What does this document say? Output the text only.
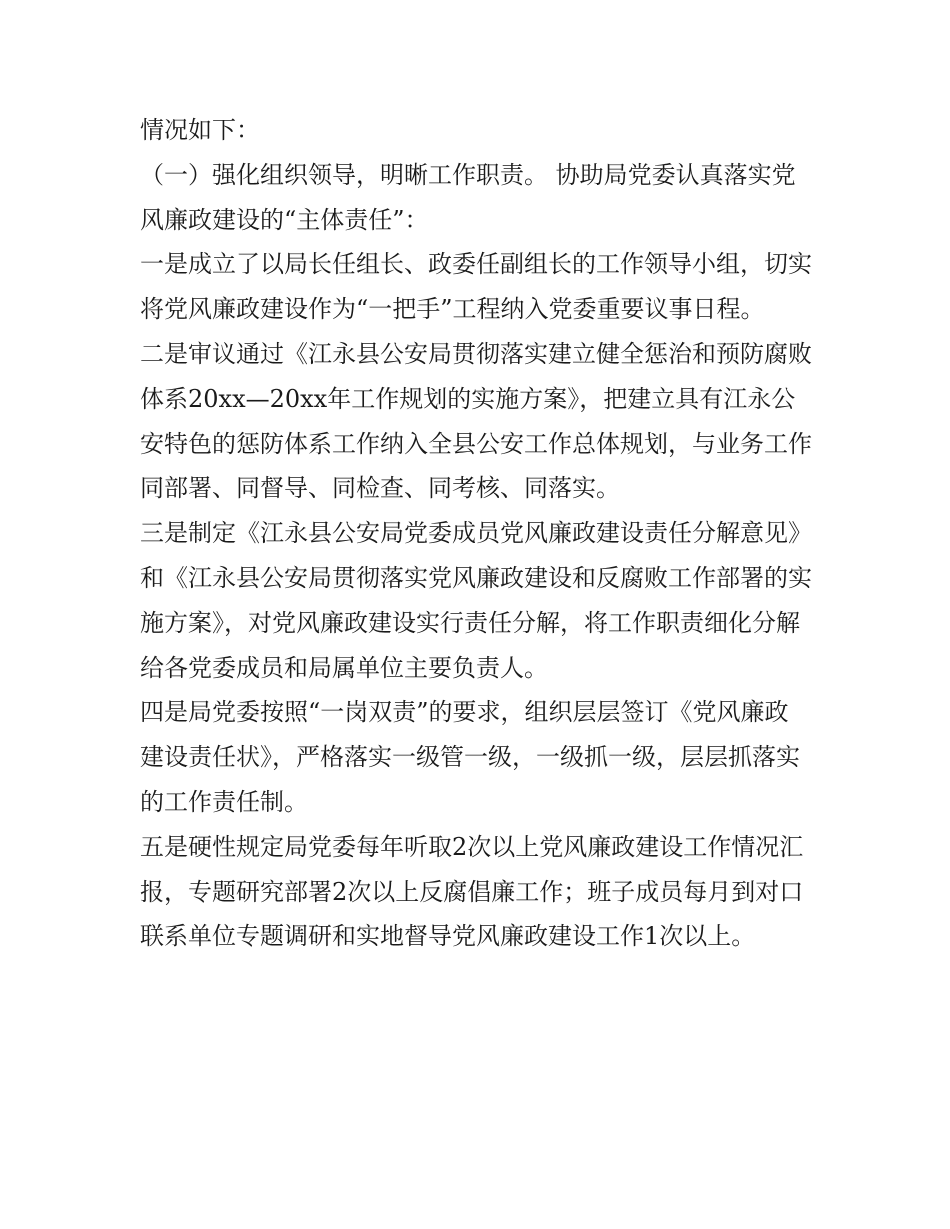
情况如下：

（一）强化组织领导，明晰工作职责。 协助局党委认真落实党风廉政建设的“主体责任”：

一是成立了以局长任组长、政委任副组长的工作领导小组，切实将党风廉政建设作为“一把手”工程纳入党委重要议事日程。

二是审议通过《江永县公安局贯彻落实建立健全惩治和预防腐败体系20xx—20xx年工作规划的实施方案》，把建立具有江永公安特色的惩防体系工作纳入全县公安工作总体规划，与业务工作同部署、同督导、同检查、同考核、同落实。

三是制定《江永县公安局党委成员党风廉政建设责任分解意见》和《江永县公安局贯彻落实党风廉政建设和反腐败工作部署的实施方案》，对党风廉政建设实行责任分解，将工作职责细化分解给各党委成员和局属单位主要负责人。

四是局党委按照“一岗双责”的要求，组织层层签订《党风廉政建设责任状》，严格落实一级管一级，一级抓一级，层层抓落实的工作责任制。

五是硬性规定局党委每年听取2次以上党风廉政建设工作情况汇报，专题研究部署2次以上反腐倡廉工作；班子成员每月到对口联系单位专题调研和实地督导党风廉政建设工作1次以上。
